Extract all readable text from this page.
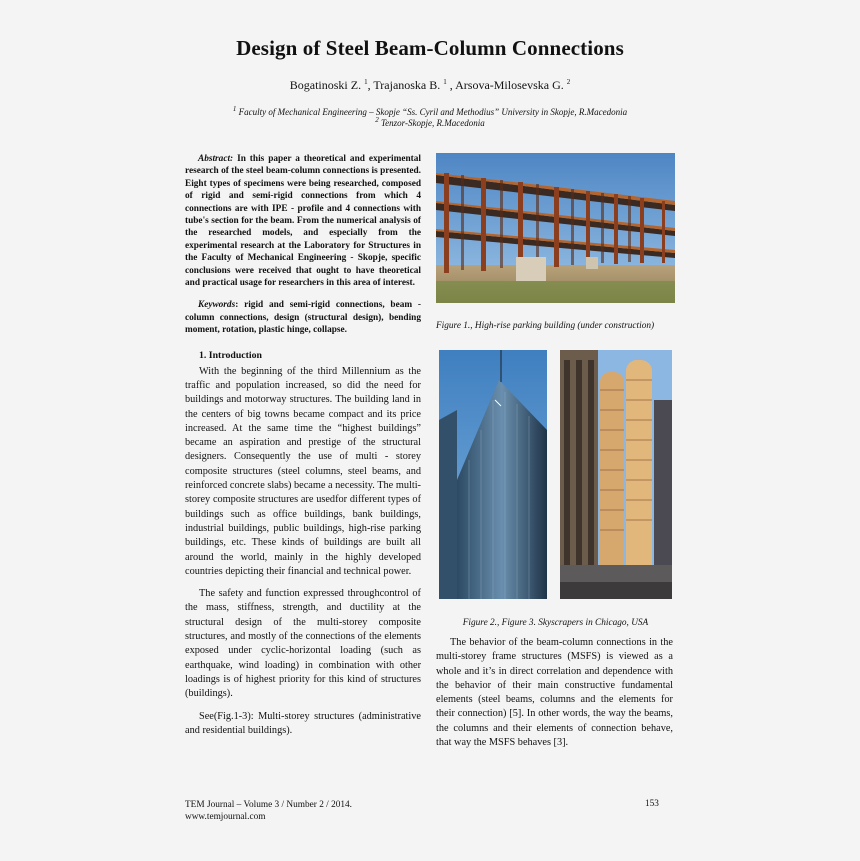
Design of Steel Beam-Column Connections
Bogatinoski Z. $^1$, Trajanoska B. $^1$ , Arsova-Milosevska G. $^2$
$^1$ Faculty of Mechanical Engineering – Skopje “Ss. Cyril and Methodius” University in Skopje, R.Macedonia
$^2$ Tenzor-Skopje, R.Macedonia

Abstract: In this paper a theoretical and experimental research of the steel beam-column connections is presented. Eight types of specimens were being researched, composed of rigid and semi-rigid connections from which 4 connections are with IPE - profile and 4 connections with tube's section for the beam. From the numerical analysis of the researched models, and especially from the experimental research at the Laboratory for Structures in the Faculty of Mechanical Engineering - Skopje, specific conclusions were received that ought to have theoretical and practical usage for researchers in this area of interest.

Keywords: rigid and semi-rigid connections, beam - column connections, design (structural design), bending moment, rotation, plastic hinge, collapse.

1. Introduction

With the beginning of the third Millennium as the traffic and population increased, so did the need for buildings and motorway structures. The building land in the centers of big towns became compact and its price increased. At the same time the “highest buildings” became an aspiration and prestige of the structural designers. Consequently the use of multi - storey composite structures (steel columns, steel beams, and reinforced concrete slabs) became a necessity. The multi-storey composite structures are usedfor different types of buildings such as office buildings, bank buildings, industrial buildings, public buildings, high-rise parking buildings, etc. These kinds of buildings are built all around the world, mainly in the highly developed countries depicting their financial and technical power.

The safety and function expressed throughcontrol of the mass, stiffness, strength, and ductility at the structural design of the multi-storey composite structures, and mostly of the connections of the elements exposed under cyclic-horizontal loading (such as earthquake, wind loading) in combination with other loadings is of highest priority for this kind of structures (buildings).

See(Fig.1-3): Multi-storey structures (administrative and residential buildings).

Figure 1., High-rise parking building (under construction)
Figure 2., Figure 3. Skyscrapers in Chicago, USA

The behavior of the beam-column connections in the multi-storey frame structures (MSFS) is viewed as a whole and it’s in direct correlation and dependence with the behavior of their main constructive fundamental elements (steel beams, columns and the elements for their connection) [5]. In other words, the way the beams, the columns and their elements of connection behave, that way the MSFS behaves [3].

TEM Journal – Volume 3 / Number 2 / 2014.
www.temjournal.com
153
